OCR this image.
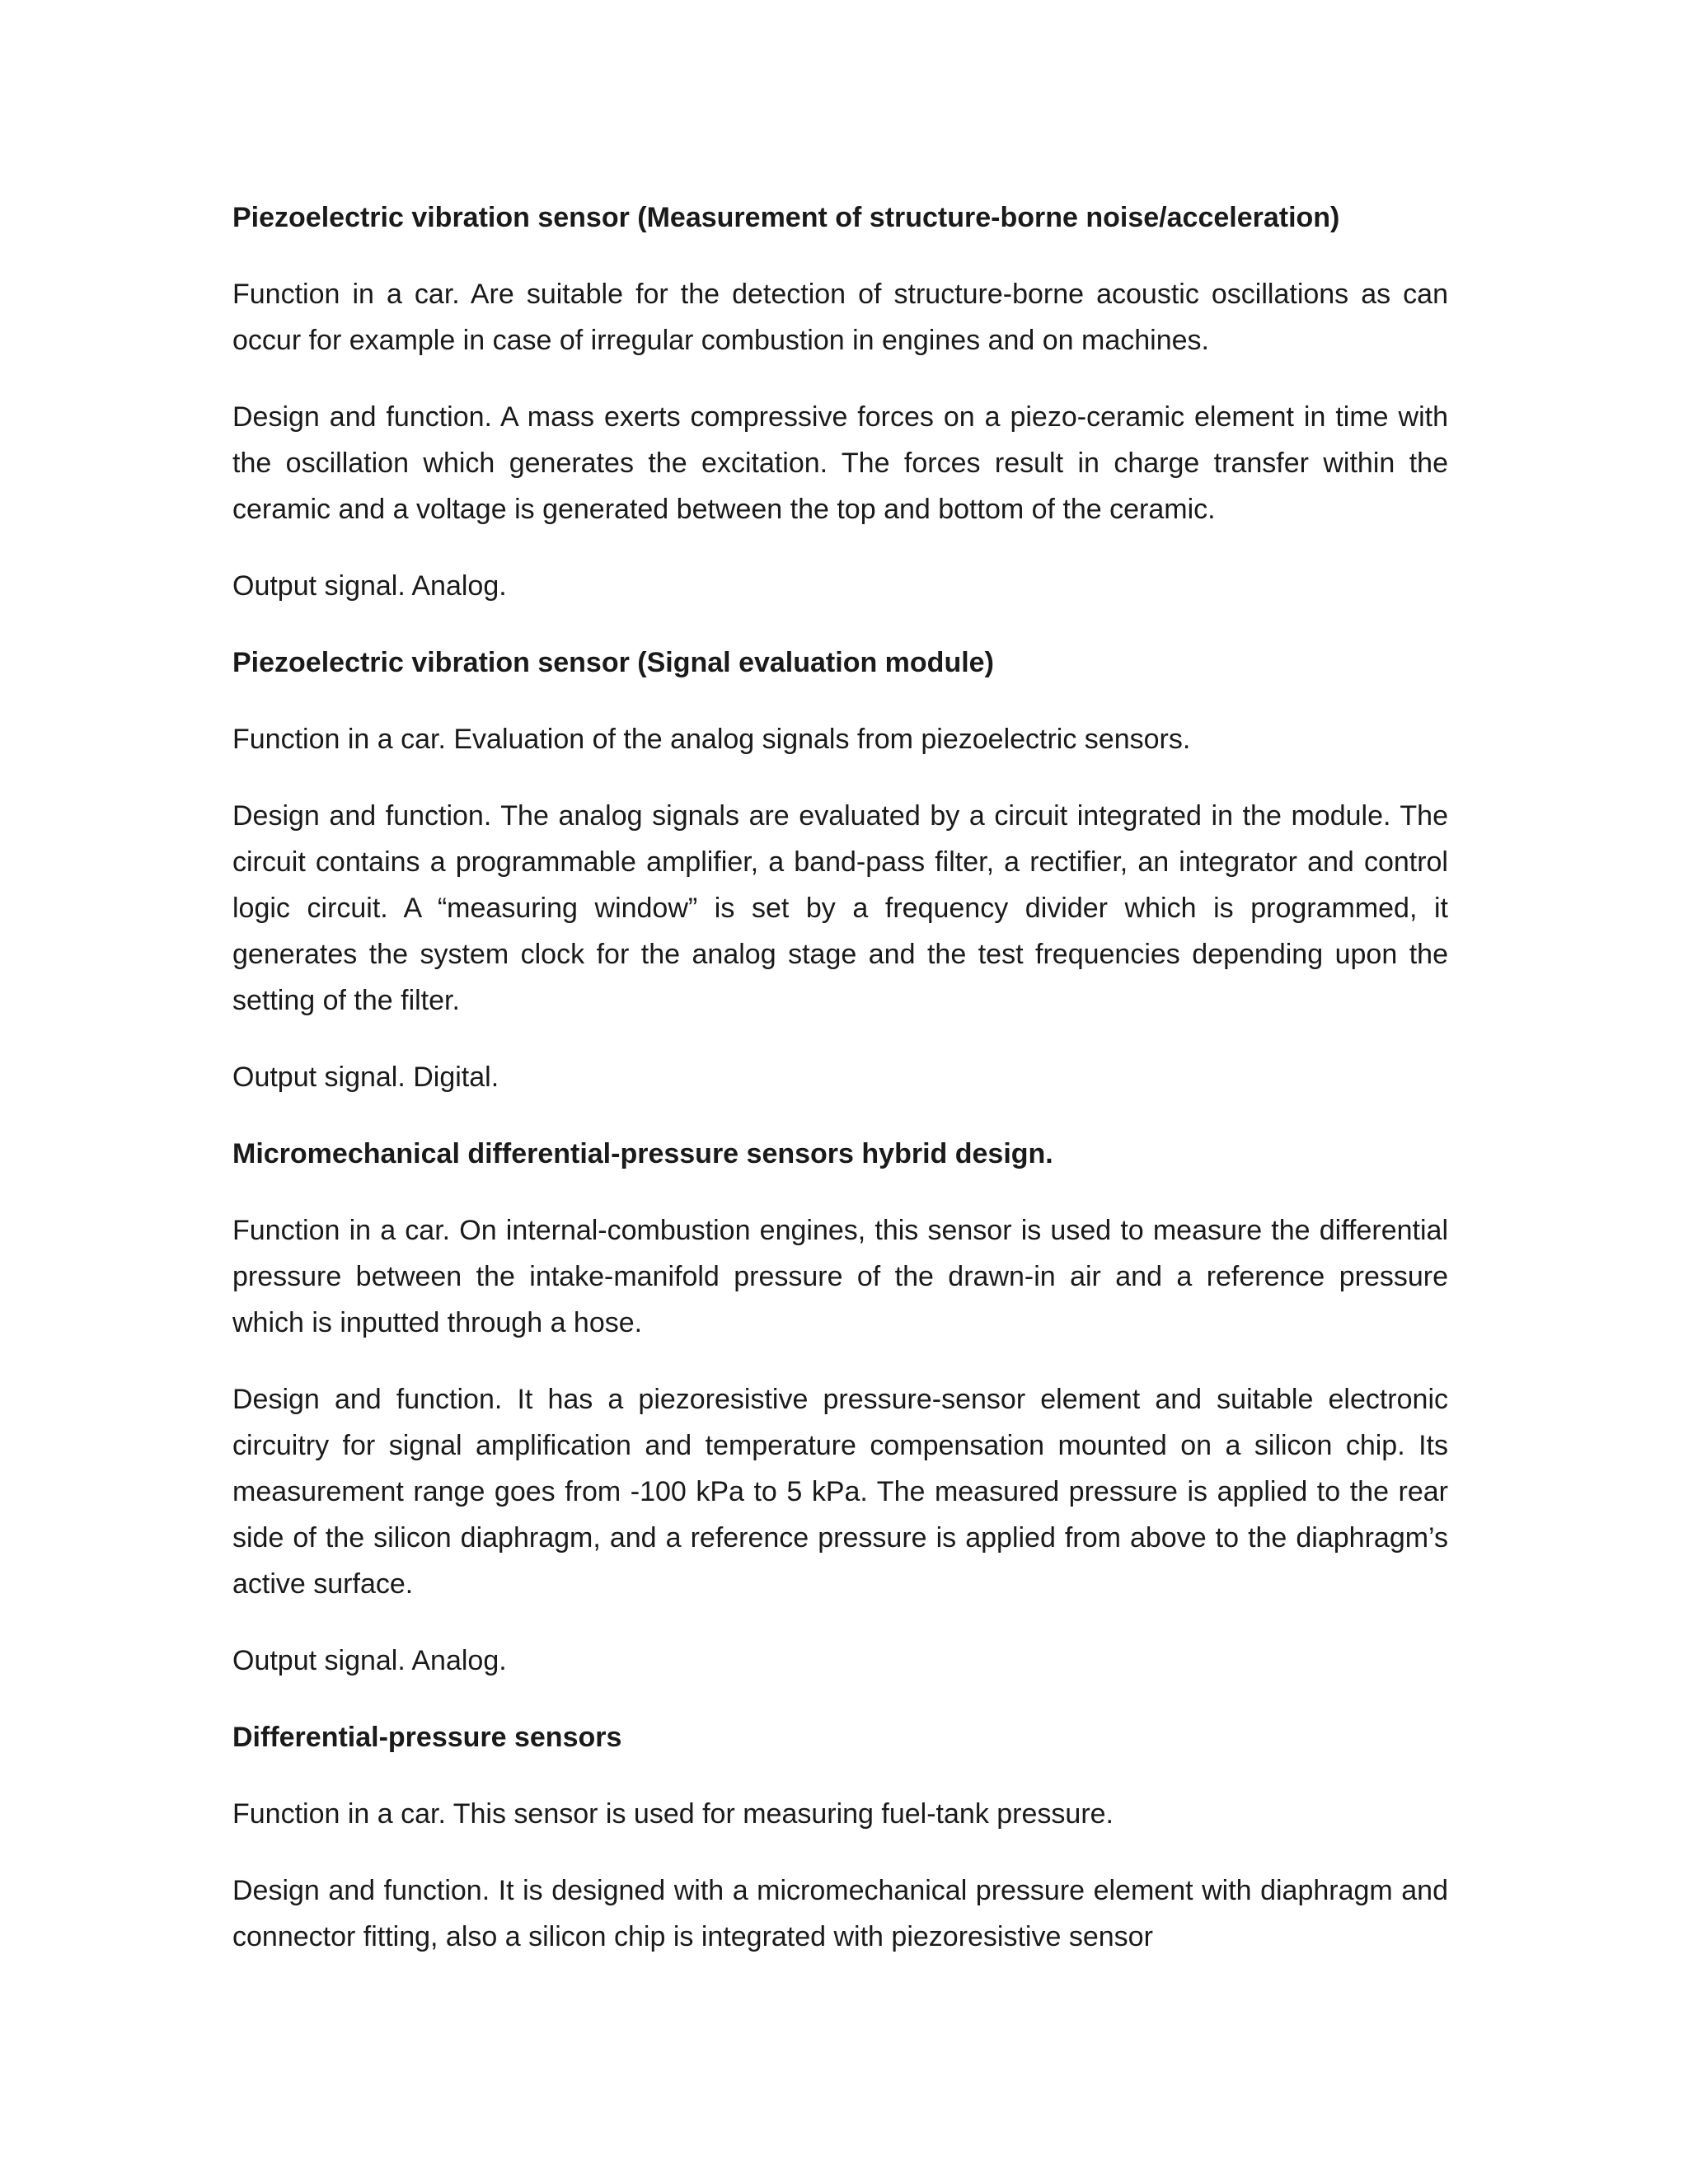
Piezoelectric vibration sensor (Measurement of structure-borne noise/acceleration)
Function in a car. Are suitable for the detection of structure-borne acoustic oscillations as can occur for example in case of irregular combustion in engines and on machines.
Design and function. A mass exerts compressive forces on a piezo-ceramic element in time with the oscillation which generates the excitation. The forces result in charge transfer within the ceramic and a voltage is generated between the top and bottom of the ceramic.
Output signal. Analog.
Piezoelectric vibration sensor (Signal evaluation module)
Function in a car. Evaluation of the analog signals from piezoelectric sensors.
Design and function. The analog signals are evaluated by a circuit integrated in the module. The circuit contains a programmable amplifier, a band-pass filter, a rectifier, an integrator and control logic circuit. A “measuring window” is set by a frequency divider which is programmed, it generates the system clock for the analog stage and the test frequencies depending upon the setting of the filter.
Output signal. Digital.
Micromechanical differential-pressure sensors hybrid design.
Function in a car. On internal-combustion engines, this sensor is used to measure the differential pressure between the intake-manifold pressure of the drawn-in air and a reference pressure which is inputted through a hose.
Design and function. It has a piezoresistive pressure-sensor element and suitable electronic circuitry for signal amplification and temperature compensation mounted on a silicon chip. Its measurement range goes from -100 kPa to 5 kPa. The measured pressure is applied to the rear side of the silicon diaphragm, and a reference pressure is applied from above to the diaphragm’s active surface.
Output signal. Analog.
Differential-pressure sensors
Function in a car. This sensor is used for measuring fuel-tank pressure.
Design and function. It is designed with a micromechanical pressure element with diaphragm and connector fitting, also a silicon chip is integrated with piezoresistive sensor
